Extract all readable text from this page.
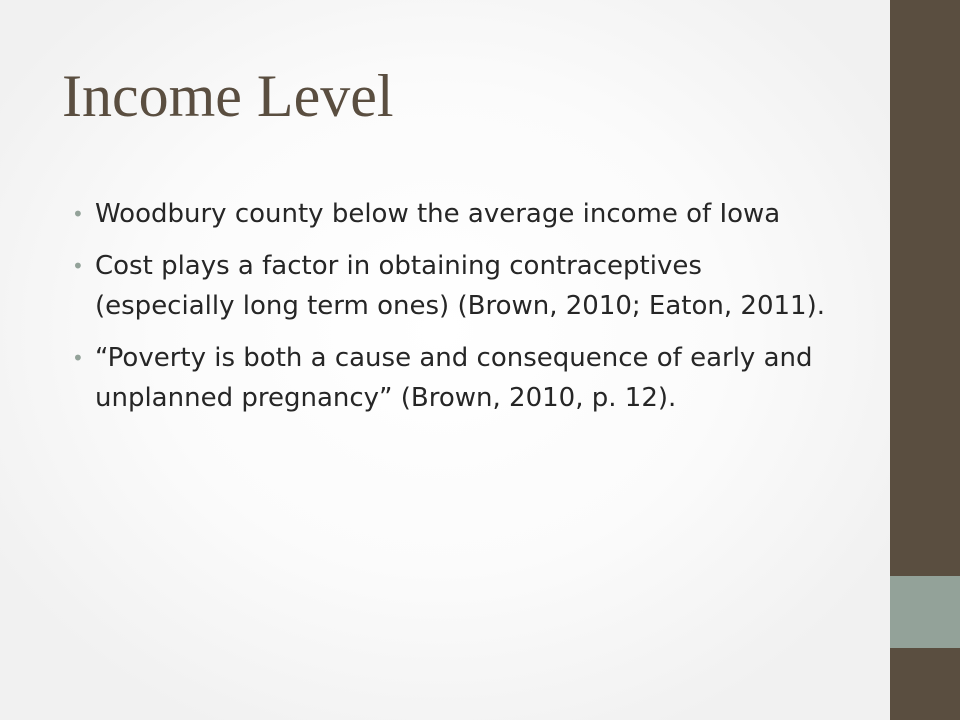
Income Level
• Woodbury county below the average income of Iowa
• Cost plays a factor in obtaining contraceptives (especially long term ones) (Brown, 2010; Eaton, 2011).
• “Poverty is both a cause and consequence of early and unplanned pregnancy” (Brown, 2010, p. 12).
